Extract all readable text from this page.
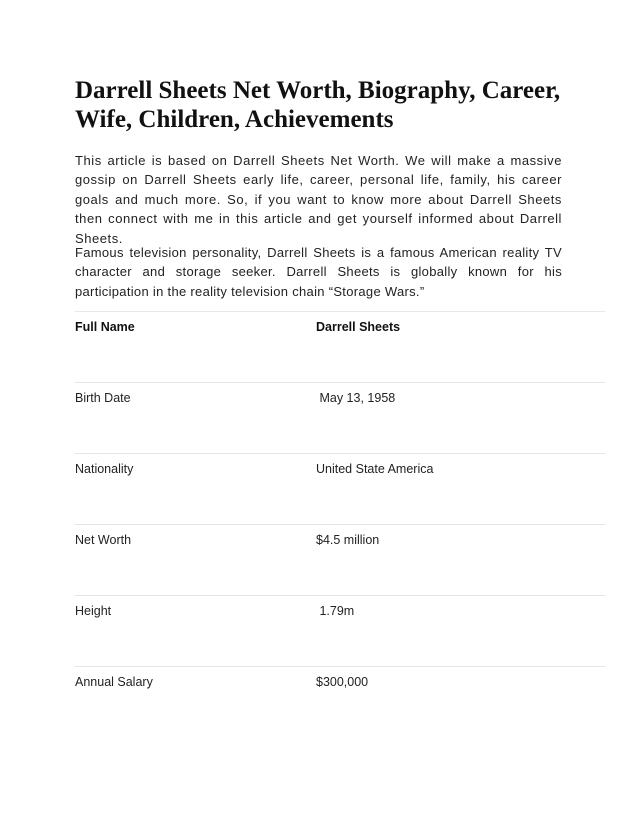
Darrell Sheets Net Worth, Biography, Career, Wife, Children, Achievements

This article is based on Darrell Sheets Net Worth. We will make a massive gossip on Darrell Sheets early life, career, personal life, family, his career goals and much more. So, if you want to know more about Darrell Sheets then connect with me in this article and get yourself informed about Darrell Sheets.

Famous television personality, Darrell Sheets is a famous American reality TV character and storage seeker. Darrell Sheets is globally known for his participation in the reality television chain “Storage Wars.”

Full Name	Darrell Sheets
Birth Date	May 13, 1958
Nationality	United State America
Net Worth	$4.5 million
Height	1.79m
Annual Salary	$300,000
